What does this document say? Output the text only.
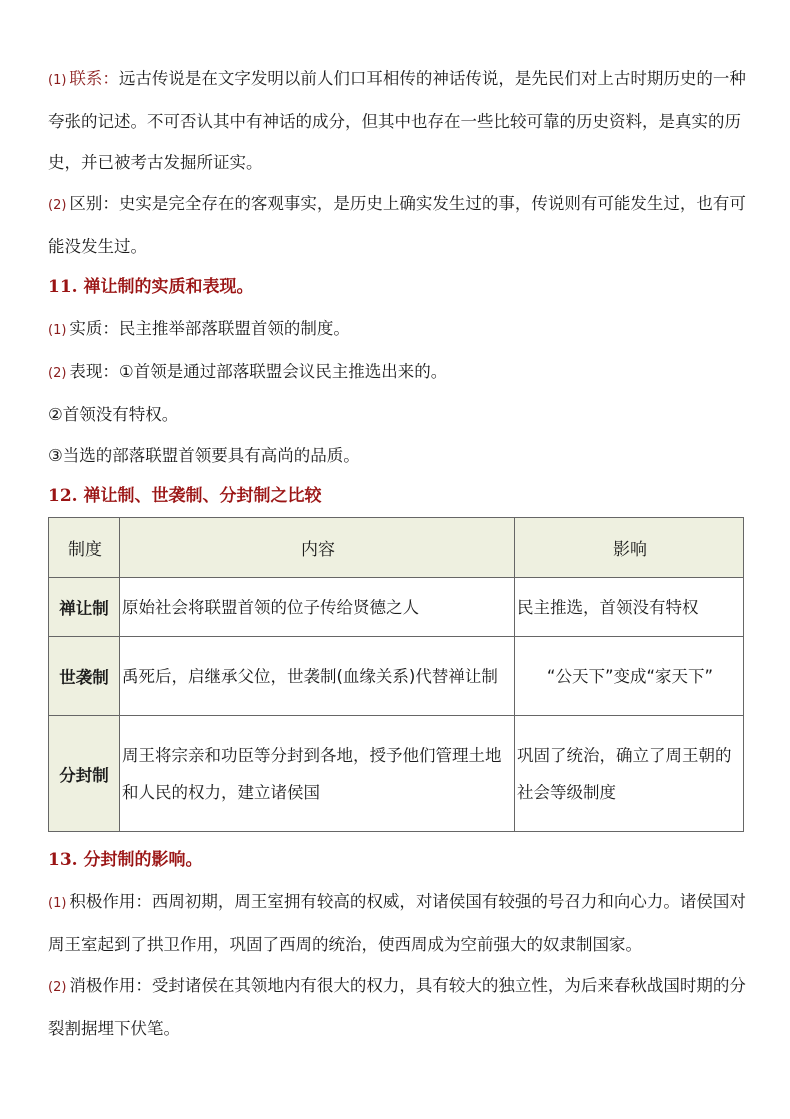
(1) 联系：远古传说是在文字发明以前人们口耳相传的神话传说，是先民们对上古时期历史的一种夸张的记述。不可否认其中有神话的成分，但其中也存在一些比较可靠的历史资料，是真实的历史，并已被考古发掘所证实。

(2) 区别：史实是完全存在的客观事实，是历史上确实发生过的事，传说则有可能发生过，也有可能没发生过。

11. 禅让制的实质和表现。

(1) 实质：民主推举部落联盟首领的制度。

(2) 表现：①首领是通过部落联盟会议民主推选出来的。

②首领没有特权。

③当选的部落联盟首领要具有高尚的品质。

12. 禅让制、世袭制、分封制之比较

制度	内容	影响
禅让制	原始社会将联盟首领的位子传给贤德之人	民主推选，首领没有特权
世袭制	禹死后，启继承父位，世袭制(血缘关系)代替禅让制	“公天下”变成“家天下”
分封制	周王将宗亲和功臣等分封到各地，授予他们管理土地和人民的权力，建立诸侯国	巩固了统治，确立了周王朝的社会等级制度

13. 分封制的影响。

(1) 积极作用：西周初期，周王室拥有较高的权威，对诸侯国有较强的号召力和向心力。诸侯国对周王室起到了拱卫作用，巩固了西周的统治，使西周成为空前强大的奴隶制国家。

(2) 消极作用：受封诸侯在其领地内有很大的权力，具有较大的独立性，为后来春秋战国时期的分裂割据埋下伏笔。
